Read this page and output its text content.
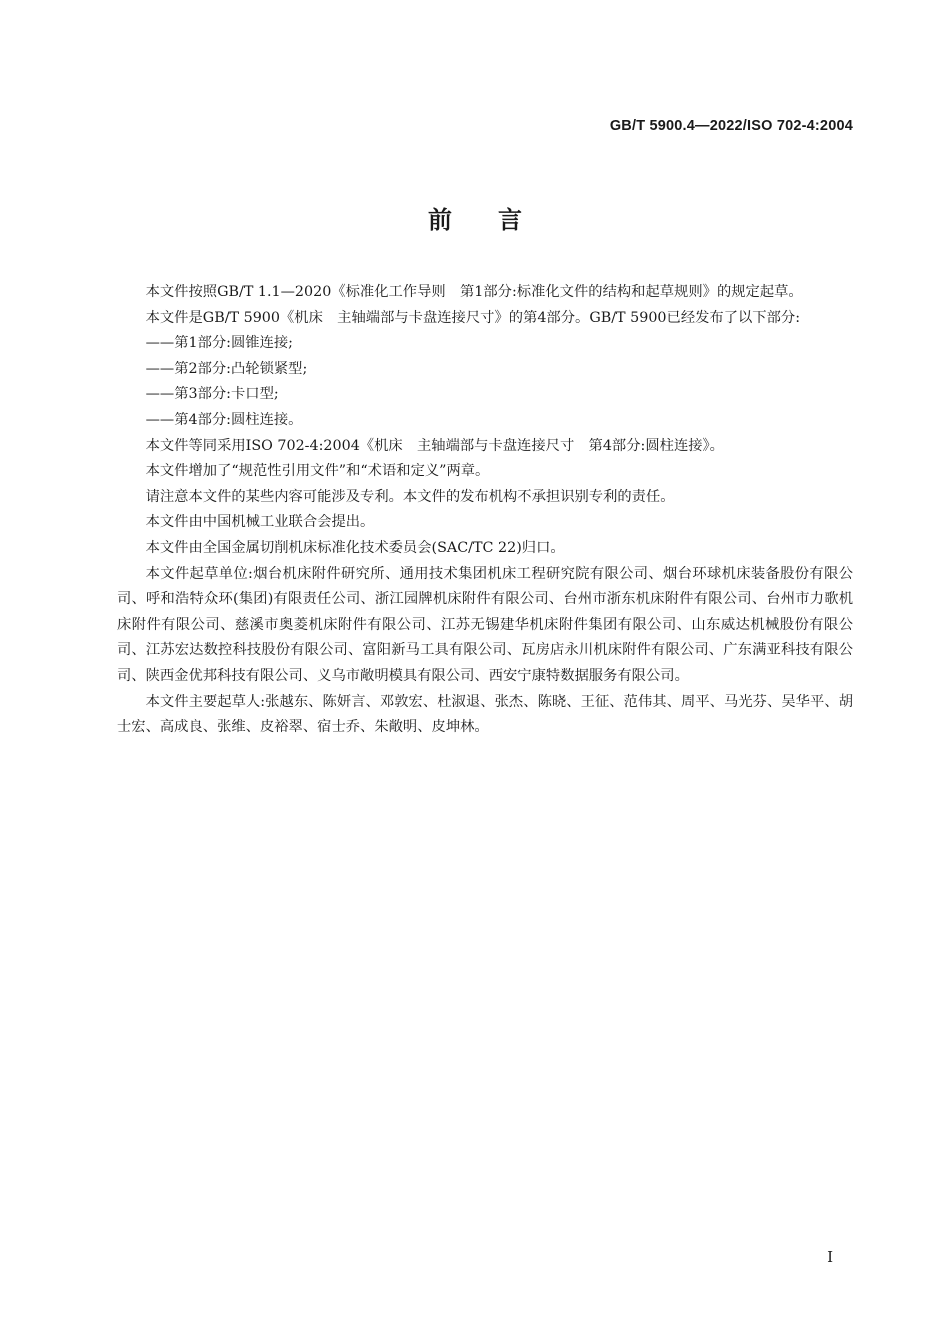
GB/T 5900.4—2022/ISO 702-4:2004
前言

本文件按照GB/T 1.1—2020《标准化工作导则　第1部分:标准化文件的结构和起草规则》的规定起草。

本文件是GB/T 5900《机床　主轴端部与卡盘连接尺寸》的第4部分。GB/T 5900已经发布了以下部分:

——第1部分:圆锥连接;

——第2部分:凸轮锁紧型;

——第3部分:卡口型;

——第4部分:圆柱连接。

本文件等同采用ISO 702-4:2004《机床　主轴端部与卡盘连接尺寸　第4部分:圆柱连接》。

本文件增加了“规范性引用文件”和“术语和定义”两章。

请注意本文件的某些内容可能涉及专利。本文件的发布机构不承担识别专利的责任。

本文件由中国机械工业联合会提出。

本文件由全国金属切削机床标准化技术委员会(SAC/TC 22)归口。

本文件起草单位:烟台机床附件研究所、通用技术集团机床工程研究院有限公司、烟台环球机床装备股份有限公司、呼和浩特众环(集团)有限责任公司、浙江园牌机床附件有限公司、台州市浙东机床附件有限公司、台州市力歌机床附件有限公司、慈溪市奥菱机床附件有限公司、江苏无锡建华机床附件集团有限公司、山东威达机械股份有限公司、江苏宏达数控科技股份有限公司、富阳新马工具有限公司、瓦房店永川机床附件有限公司、广东满亚科技有限公司、陕西金优邦科技有限公司、义乌市敞明模具有限公司、西安宁康特数据服务有限公司。

本文件主要起草人:张越东、陈妍言、邓敦宏、杜淑退、张杰、陈晓、王征、范伟其、周平、马光芬、吴华平、胡士宏、高成良、张维、皮裕翠、宿士乔、朱敞明、皮坤林。

I
